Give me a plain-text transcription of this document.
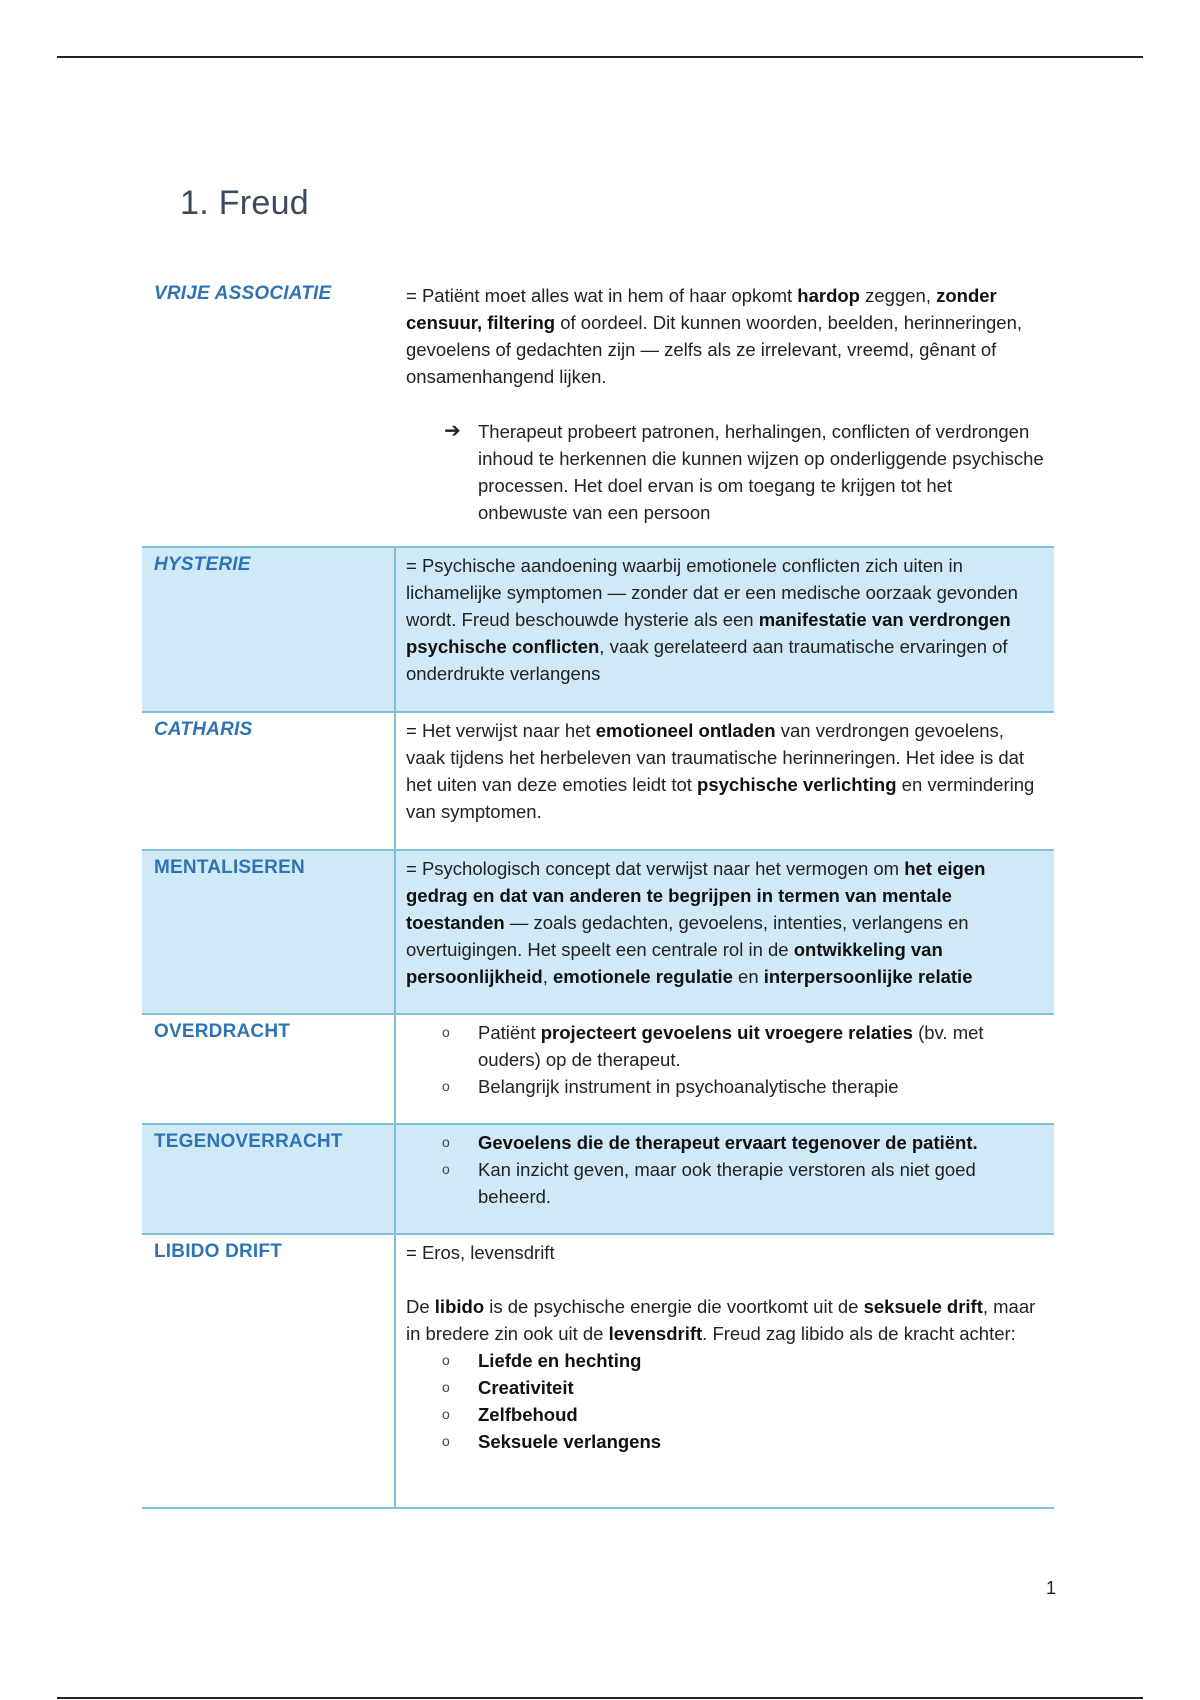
1. Freud
VRIJE ASSOCIATIE	= Patiënt moet alles wat in hem of haar opkomt hardop zeggen, zonder censuur, filtering of oordeel. Dit kunnen woorden, beelden, herinneringen, gevoelens of gedachten zijn — zelfs als ze irrelevant, vreemd, gênant of onsamenhangend lijken.

➔ Therapeut probeert patronen, herhalingen, conflicten of verdrongen inhoud te herkennen die kunnen wijzen op onderliggende psychische processen. Het doel ervan is om toegang te krijgen tot het onbewuste van een persoon
HYSTERIE	= Psychische aandoening waarbij emotionele conflicten zich uiten in lichamelijke symptomen — zonder dat er een medische oorzaak gevonden wordt. Freud beschouwde hysterie als een manifestatie van verdrongen psychische conflicten, vaak gerelateerd aan traumatische ervaringen of onderdrukte verlangens

CATHARIS	= Het verwijst naar het emotioneel ontladen van verdrongen gevoelens, vaak tijdens het herbeleven van traumatische herinneringen. Het idee is dat het uiten van deze emoties leidt tot psychische verlichting en vermindering van symptomen.

MENTALISEREN	= Psychologisch concept dat verwijst naar het vermogen om het eigen gedrag en dat van anderen te begrijpen in termen van mentale toestanden — zoals gedachten, gevoelens, intenties, verlangens en overtuigingen. Het speelt een centrale rol in de ontwikkeling van persoonlijkheid, emotionele regulatie en interpersoonlijke relatie

OVERDRACHT	o	Patiënt projecteert gevoelens uit vroegere relaties (bv. met ouders) op de therapeut.
o	Belangrijk instrument in psychoanalytische therapie
TEGENOVERRACHT	o	Gevoelens die de therapeut ervaart tegenover de patiënt.
o	Kan inzicht geven, maar ook therapie verstoren als niet goed beheerd.
LIBIDO DRIFT	= Eros, levensdrift

De libido is de psychische energie die voortkomt uit de seksuele drift, maar in bredere zin ook uit de levensdrift. Freud zag libido als de kracht achter:

o	Liefde en hechting
o	Creativiteit
o	Zelfbehoud
o	Seksuele verlangens
1
